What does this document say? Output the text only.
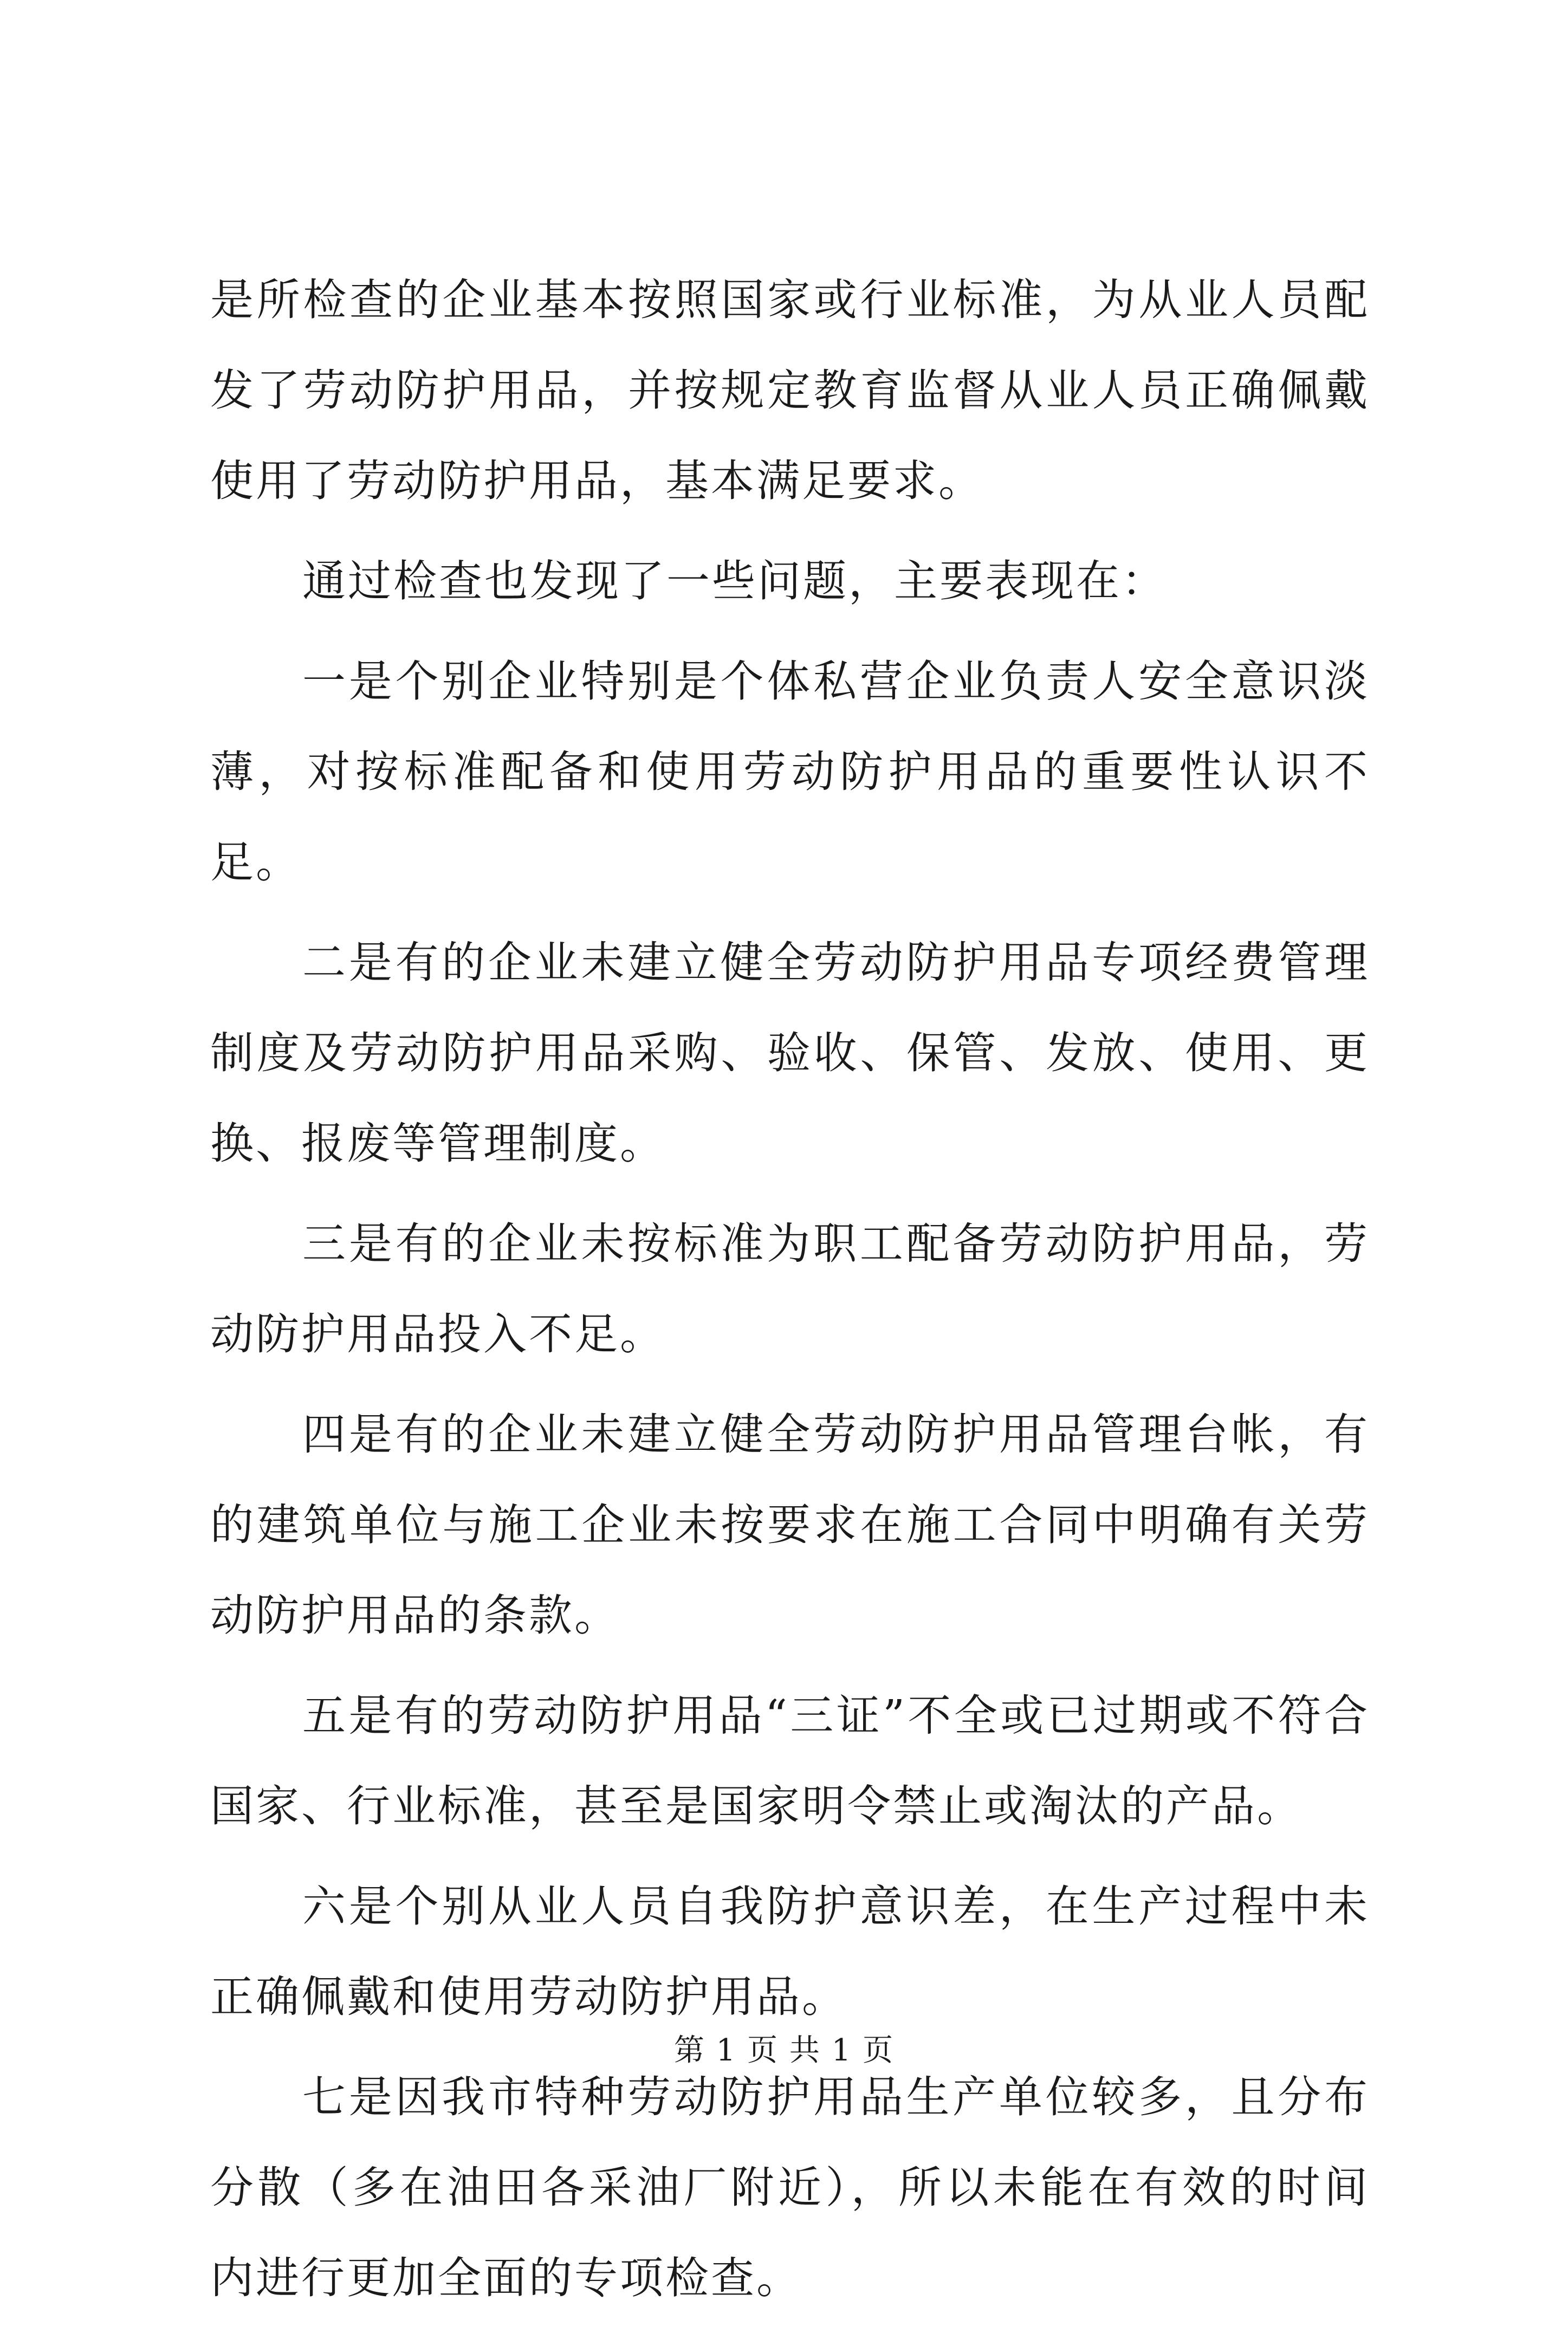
是所检查的企业基本按照国家或行业标准，为从业人员配发了劳动防护用品，并按规定教育监督从业人员正确佩戴使用了劳动防护用品，基本满足要求。

通过检查也发现了一些问题，主要表现在：

一是个别企业特别是个体私营企业负责人安全意识淡薄，对按标准配备和使用劳动防护用品的重要性认识不足。

二是有的企业未建立健全劳动防护用品专项经费管理制度及劳动防护用品采购、验收、保管、发放、使用、更换、报废等管理制度。

三是有的企业未按标准为职工配备劳动防护用品，劳动防护用品投入不足。

四是有的企业未建立健全劳动防护用品管理台帐，有的建筑单位与施工企业未按要求在施工合同中明确有关劳动防护用品的条款。

五是有的劳动防护用品“三证”不全或已过期或不符合国家、行业标准，甚至是国家明令禁止或淘汰的产品。

六是个别从业人员自我防护意识差，在生产过程中未正确佩戴和使用劳动防护用品。

七是因我市特种劳动防护用品生产单位较多，且分布分散（多在油田各采油厂附近），所以未能在有效的时间内进行更加全面的专项检查。

第 1 页 共 1 页
